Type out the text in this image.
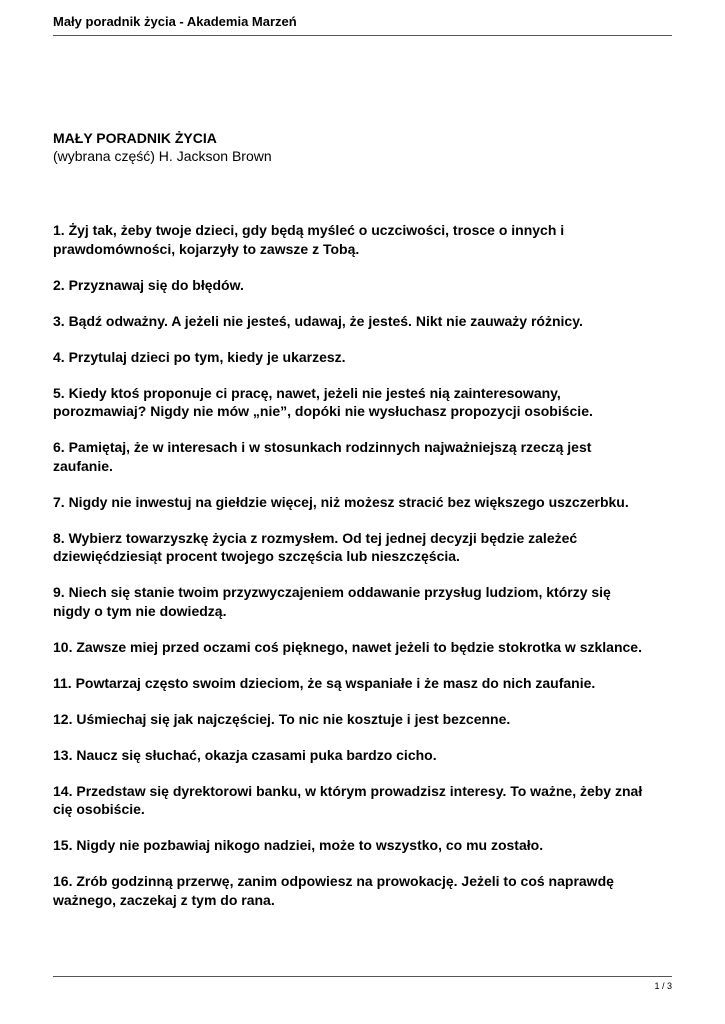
Mały poradnik życia - Akademia Marzeń

MAŁY PORADNIK ŻYCIA

(wybrana część) H. Jackson Brown

1. Żyj tak, żeby twoje dzieci, gdy będą myśleć o uczciwości, trosce o innych i
prawdomówności, kojarzyły to zawsze z Tobą.

2. Przyznawaj się do błędów.

3. Bądź odważny. A jeżeli nie jesteś, udawaj, że jesteś. Nikt nie zauważy różnicy.

4. Przytulaj dzieci po tym, kiedy je ukarzesz.

5. Kiedy ktoś proponuje ci pracę, nawet, jeżeli nie jesteś nią zainteresowany,
porozmawiaj? Nigdy nie mów „nie”, dopóki nie wysłuchasz propozycji osobiście.

6. Pamiętaj, że w interesach i w stosunkach rodzinnych najważniejszą rzeczą jest
zaufanie.

7. Nigdy nie inwestuj na giełdzie więcej, niż możesz stracić bez większego uszczerbku.

8. Wybierz towarzyszkę życia z rozmysłem. Od tej jednej decyzji będzie zależeć
dziewięćdziesiąt procent twojego szczęścia lub nieszczęścia.

9. Niech się stanie twoim przyzwyczajeniem oddawanie przysług ludziom, którzy się
nigdy o tym nie dowiedzą.

10. Zawsze miej przed oczami coś pięknego, nawet jeżeli to będzie stokrotka w szklance.

11. Powtarzaj często swoim dzieciom, że są wspaniałe i że masz do nich zaufanie.

12. Uśmiechaj się jak najczęściej. To nic nie kosztuje i jest bezcenne.

13. Naucz się słuchać, okazja czasami puka bardzo cicho.

14. Przedstaw się dyrektorowi banku, w którym prowadzisz interesy. To ważne, żeby znał
cię osobiście.

15. Nigdy nie pozbawiaj nikogo nadziei, może to wszystko, co mu zostało.

16. Zrób godzinną przerwę, zanim odpowiesz na prowokację. Jeżeli to coś naprawdę
ważnego, zaczekaj z tym do rana.

1 / 3
